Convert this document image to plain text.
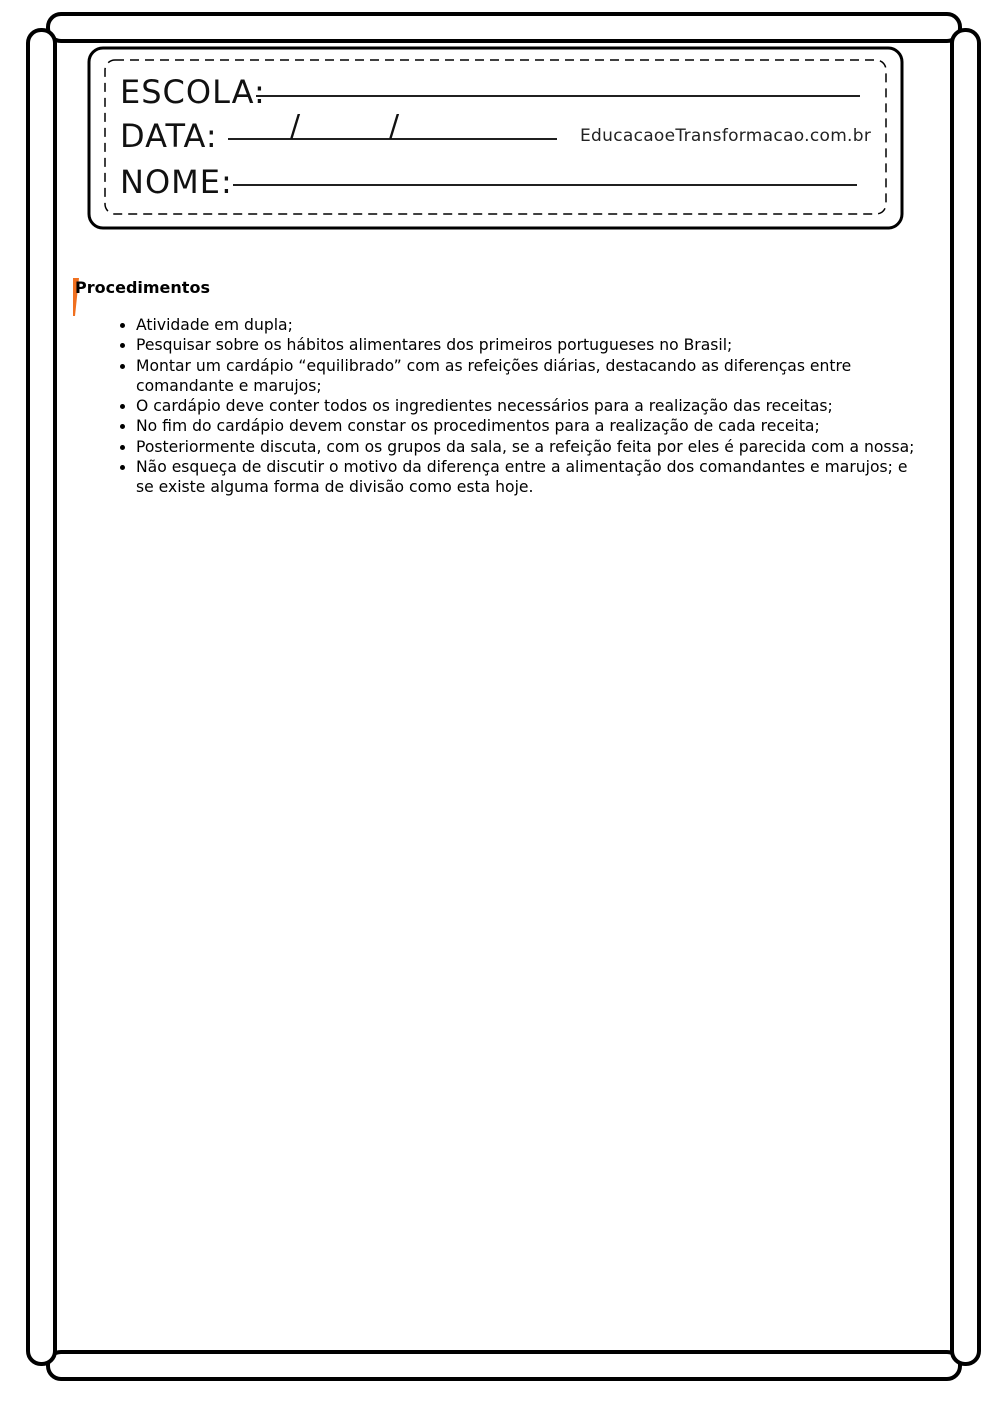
ESCOLA:
DATA:
NOME:
/	/	EducacaoeTransformacao.com.br
Procedimentos
• Atividade em dupla;
• Pesquisar sobre os hábitos alimentares dos primeiros portugueses no Brasil;
• Montar um cardápio “equilibrado” com as refeições diárias, destacando as diferenças entre comandante e marujos;
• O cardápio deve conter todos os ingredientes necessários para a realização das receitas;
• No fim do cardápio devem constar os procedimentos para a realização de cada receita;
• Posteriormente discuta, com os grupos da sala, se a refeição feita por eles é parecida com a nossa;
• Não esqueça de discutir o motivo da diferença entre a alimentação dos comandantes e marujos; e se existe alguma forma de divisão como esta hoje.
